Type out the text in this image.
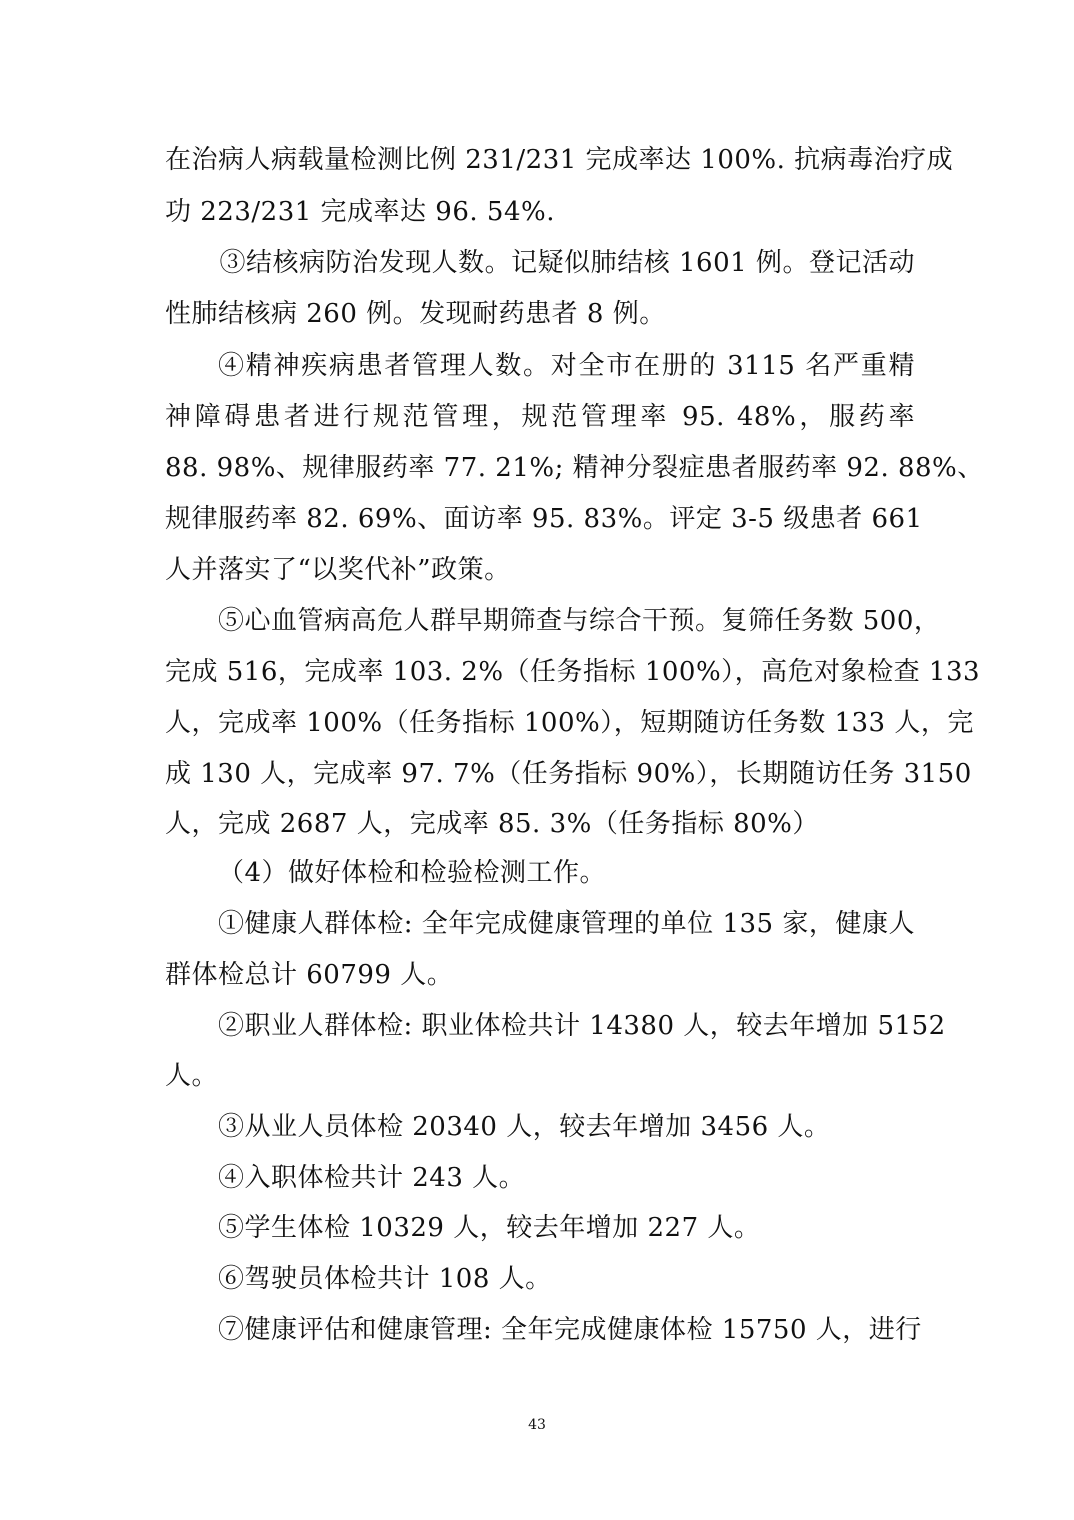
在治病人病载量检测比例 231/231 完成率达 100%. 抗病毒治疗成
功 223/231 完成率达 96. 54%.
　③结核病防治发现人数。记疑似肺结核 1601 例。登记活动
性肺结核病 260 例。发现耐药患者 8 例。
④精神疾病患者管理人数。对全市在册的 3115 名严重精
神障碍患者进行规范管理，规范管理率 95. 48%，服药率
88. 98%、规律服药率 77. 21%; 精神分裂症患者服药率 92. 88%、
规律服药率 82. 69%、面访率 95. 83%。评定 3-5 级患者 661
人并落实了“以奖代补”政策。
⑤心血管病高危人群早期筛查与综合干预。复筛任务数 500，
完成 516，完成率 103. 2%（任务指标 100%），高危对象检查 133
人，完成率 100%（任务指标 100%），短期随访任务数 133 人，完
成 130 人，完成率 97. 7%（任务指标 90%），长期随访任务 3150
人，完成 2687 人，完成率 85. 3%（任务指标 80%）
（4）做好体检和检验检测工作。
①健康人群体检: 全年完成健康管理的单位 135 家，健康人
群体检总计 60799 人。
②职业人群体检: 职业体检共计 14380 人，较去年增加 5152
人。
③从业人员体检 20340 人，较去年增加 3456 人。
④入职体检共计 243 人。
⑤学生体检 10329 人，较去年增加 227 人。
⑥驾驶员体检共计 108 人。
⑦健康评估和健康管理: 全年完成健康体检 15750 人，进行
43
